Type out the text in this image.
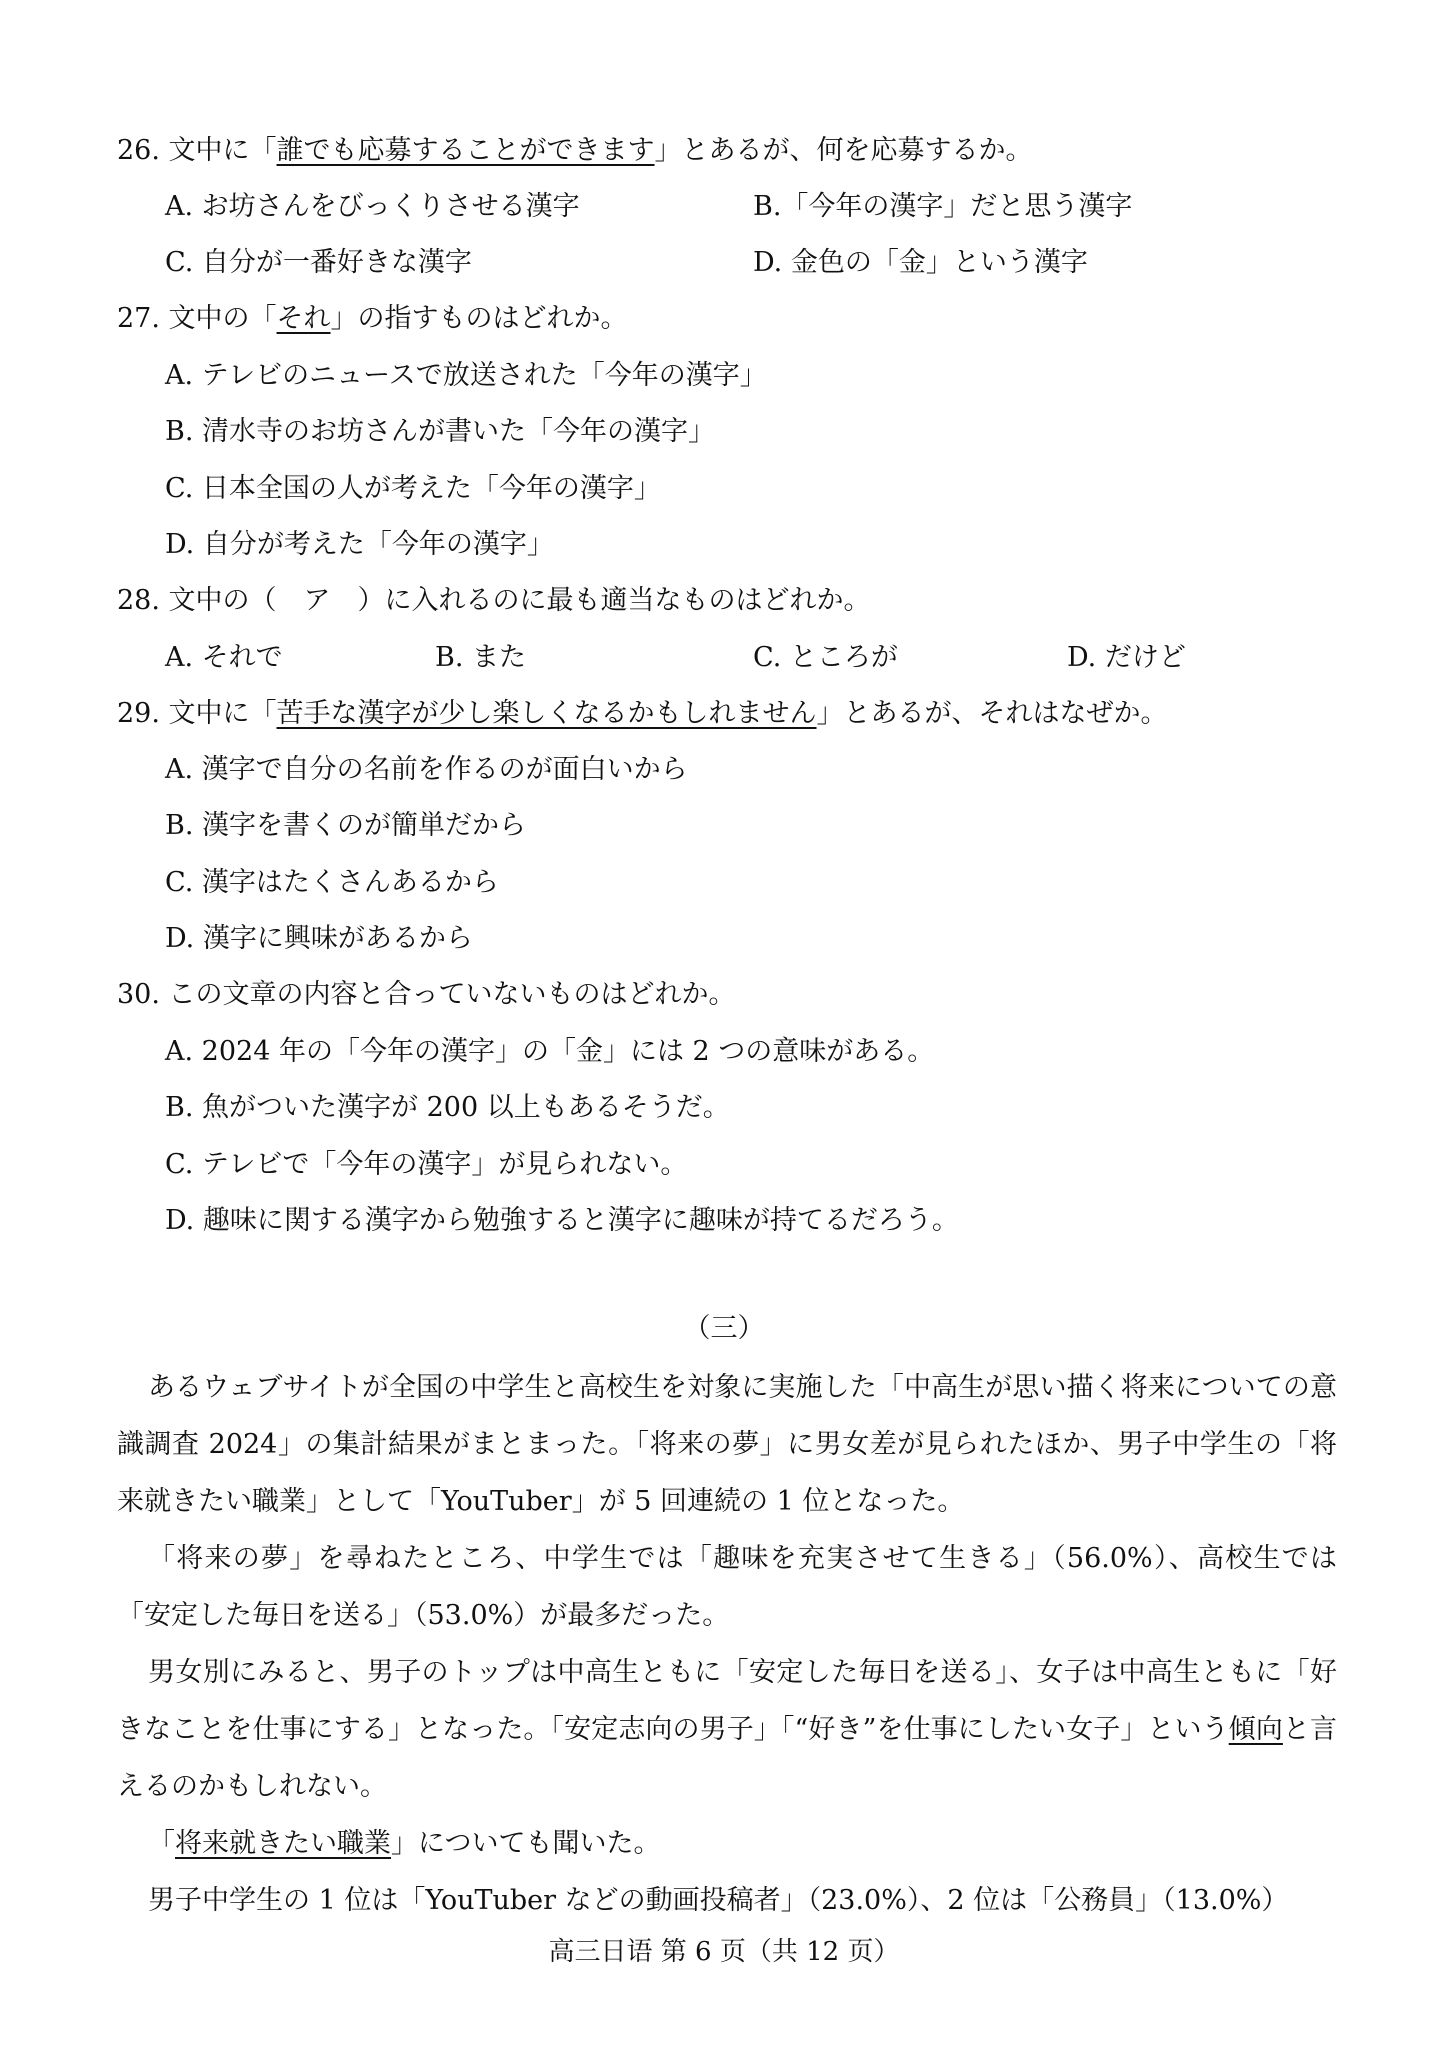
26. 文中に「誰でも応募することができます」とあるが、何を応募するか。
A. お坊さんをびっくりさせる漢字	B.「今年の漢字」だと思う漢字
C. 自分が一番好きな漢字	D. 金色の「金」という漢字
27. 文中の「それ」の指すものはどれか。
A. テレビのニュースで放送された「今年の漢字」
B. 清水寺のお坊さんが書いた「今年の漢字」
C. 日本全国の人が考えた「今年の漢字」
D. 自分が考えた「今年の漢字」
28. 文中の（　ア　）に入れるのに最も適当なものはどれか。
A. それで	B. また	C. ところが	D. だけど
29. 文中に「苦手な漢字が少し楽しくなるかもしれません」とあるが、それはなぜか。
A. 漢字で自分の名前を作るのが面白いから
B. 漢字を書くのが簡単だから
C. 漢字はたくさんあるから
D. 漢字に興味があるから
30. この文章の内容と合っていないものはどれか。
A. 2024 年の「今年の漢字」の「金」には 2 つの意味がある。
B. 魚がついた漢字が 200 以上もあるそうだ。
C. テレビで「今年の漢字」が見られない。
D. 趣味に関する漢字から勉強すると漢字に趣味が持てるだろう。
（三）

あるウェブサイトが全国の中学生と高校生を対象に実施した「中高生が思い描く将来についての意識調査 2024」の集計結果がまとまった。「将来の夢」に男女差が見られたほか、男子中学生の「将来就きたい職業」として「YouTuber」が 5 回連続の 1 位となった。

「将来の夢」を尋ねたところ、中学生では「趣味を充実させて生きる」（56.0%）、高校生では「安定した毎日を送る」（53.0%）が最多だった。

男女別にみると、男子のトップは中高生ともに「安定した毎日を送る」、女子は中高生ともに「好きなことを仕事にする」となった。「安定志向の男子」「“好き”を仕事にしたい女子」という傾向と言えるのかもしれない。

「将来就きたい職業」についても聞いた。

男子中学生の 1 位は「YouTuber などの動画投稿者」（23.0%）、2 位は「公務員」（13.0%）

高三日语 第 6 页（共 12 页）
